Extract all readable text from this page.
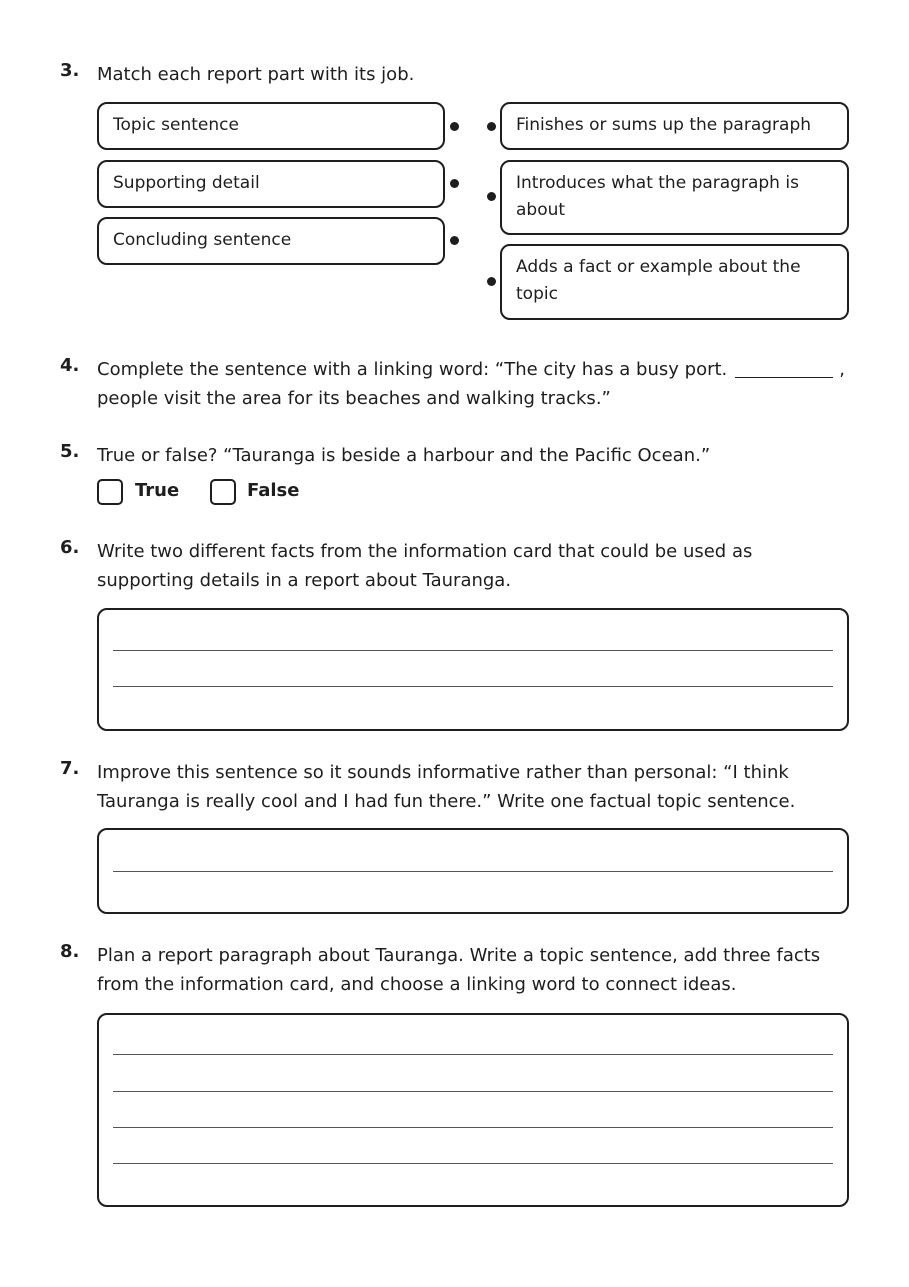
3. Match each report part with its job.
Topic sentence
Supporting detail
Concluding sentence
Finishes or sums up the paragraph
Introduces what the paragraph is about
Adds a fact or example about the topic
4. Complete the sentence with a linking word: “The city has a busy port.	,
people visit the area for its beaches and walking tracks.”
5. True or false? “Tauranga is beside a harbour and the Pacific Ocean.”
True	False
6. Write two different facts from the information card that could be used as supporting details in a report about Tauranga.
7. Improve this sentence so it sounds informative rather than personal: “I think Tauranga is really cool and I had fun there.” Write one factual topic sentence.
8. Plan a report paragraph about Tauranga. Write a topic sentence, add three facts from the information card, and choose a linking word to connect ideas.
